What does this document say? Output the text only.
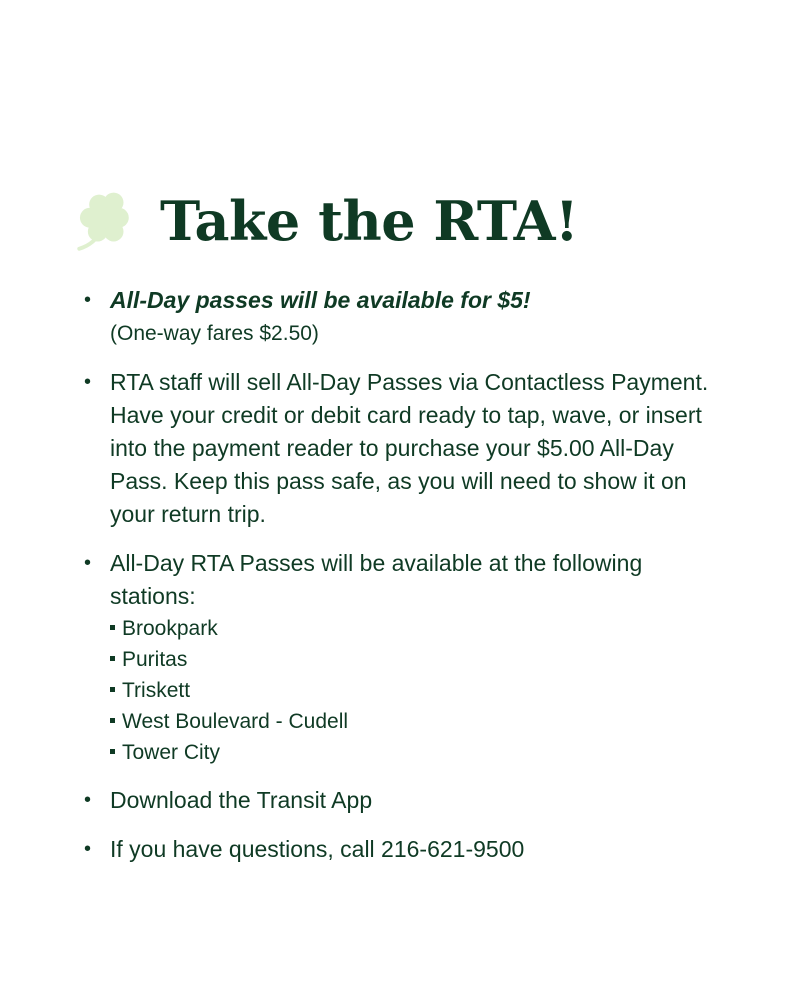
Take the RTA!
• All-Day passes will be available for $5!
(One-way fares $2.50)
• RTA staff will sell All-Day Passes via Contactless Payment. Have your credit or debit card ready to tap, wave, or insert into the payment reader to purchase your $5.00 All-Day Pass. Keep this pass safe, as you will need to show it on your return trip.
• All-Day RTA Passes will be available at the following stations:
Brookpark
Puritas
Triskett
West Boulevard - Cudell
Tower City
• Download the Transit App
• If you have questions, call 216-621-9500
